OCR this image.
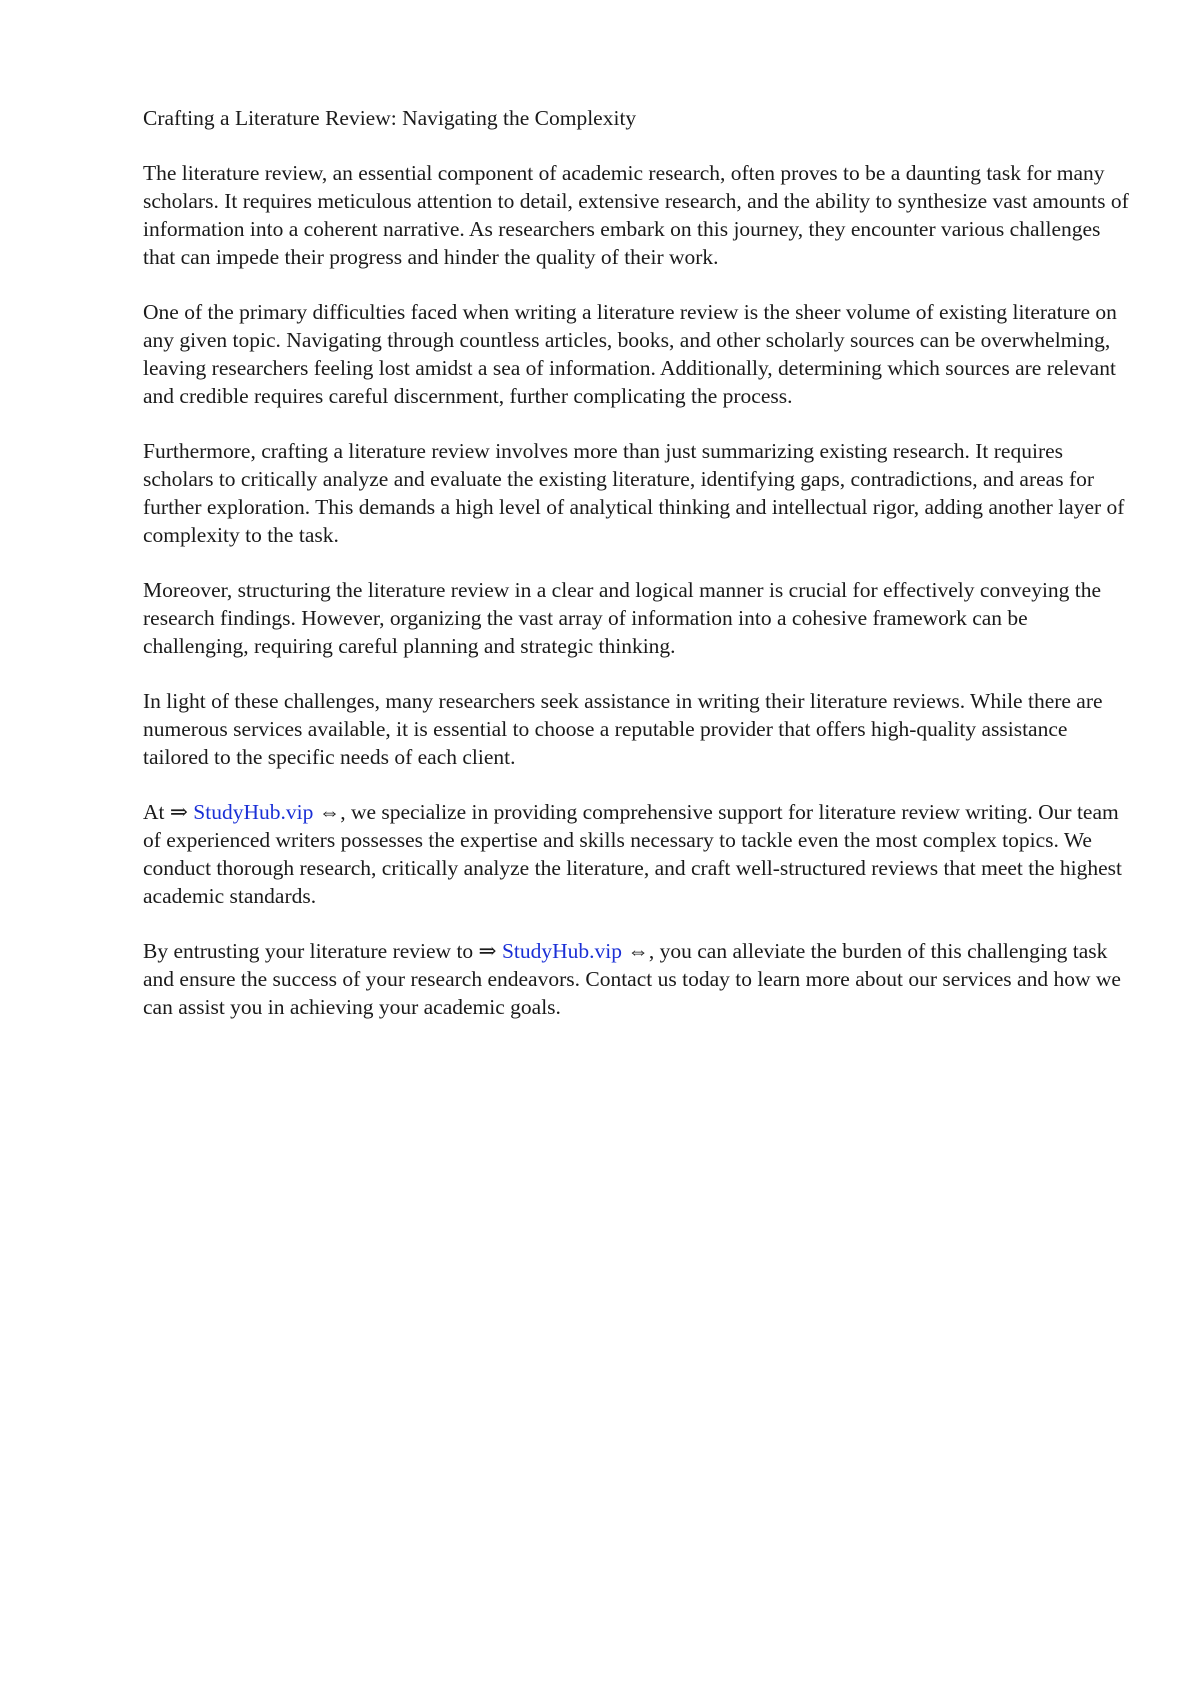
Crafting a Literature Review: Navigating the Complexity

The literature review, an essential component of academic research, often proves to be a daunting task for many scholars. It requires meticulous attention to detail, extensive research, and the ability to synthesize vast amounts of information into a coherent narrative. As researchers embark on this journey, they encounter various challenges that can impede their progress and hinder the quality of their work.

One of the primary difficulties faced when writing a literature review is the sheer volume of existing literature on any given topic. Navigating through countless articles, books, and other scholarly sources can be overwhelming, leaving researchers feeling lost amidst a sea of information. Additionally, determining which sources are relevant and credible requires careful discernment, further complicating the process.

Furthermore, crafting a literature review involves more than just summarizing existing research. It requires scholars to critically analyze and evaluate the existing literature, identifying gaps, contradictions, and areas for further exploration. This demands a high level of analytical thinking and intellectual rigor, adding another layer of complexity to the task.

Moreover, structuring the literature review in a clear and logical manner is crucial for effectively conveying the research findings. However, organizing the vast array of information into a cohesive framework can be challenging, requiring careful planning and strategic thinking.

In light of these challenges, many researchers seek assistance in writing their literature reviews. While there are numerous services available, it is essential to choose a reputable provider that offers high-quality assistance tailored to the specific needs of each client.

At ⇒ StudyHub.vip ⇔, we specialize in providing comprehensive support for literature review writing. Our team of experienced writers possesses the expertise and skills necessary to tackle even the most complex topics. We conduct thorough research, critically analyze the literature, and craft well-structured reviews that meet the highest academic standards.

By entrusting your literature review to ⇒ StudyHub.vip ⇔, you can alleviate the burden of this challenging task and ensure the success of your research endeavors. Contact us today to learn more about our services and how we can assist you in achieving your academic goals.
